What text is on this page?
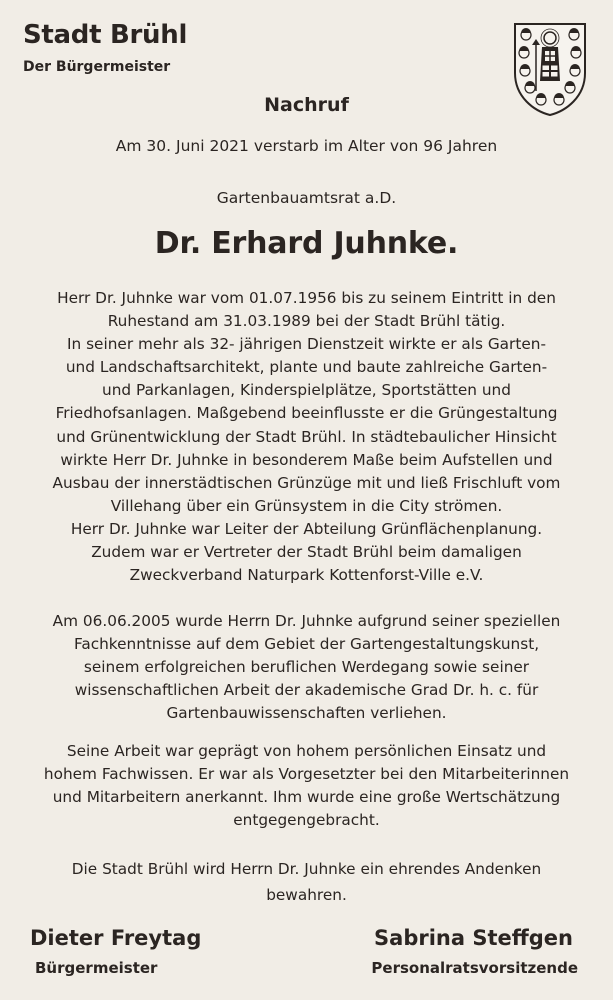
Stadt Brühl
Der Bürgermeister
Nachruf
Am 30. Juni 2021 verstarb im Alter von 96 Jahren
Gartenbauamtsrat a.D.
Dr. Erhard Juhnke.
Herr Dr. Juhnke war vom 01.07.1956 bis zu seinem Eintritt in den
Ruhestand am 31.03.1989 bei der Stadt Brühl tätig.
In seiner mehr als 32- jährigen Dienstzeit wirkte er als Garten-
und Landschaftsarchitekt, plante und baute zahlreiche Garten-
und Parkanlagen, Kinderspielplätze, Sportstätten und
Friedhofsanlagen. Maßgebend beeinflusste er die Grüngestaltung
und Grünentwicklung der Stadt Brühl. In städtebaulicher Hinsicht
wirkte Herr Dr. Juhnke in besonderem Maße beim Aufstellen und
Ausbau der innerstädtischen Grünzüge mit und ließ Frischluft vom
Villehang über ein Grünsystem in die City strömen.
Herr Dr. Juhnke war Leiter der Abteilung Grünflächenplanung.
Zudem war er Vertreter der Stadt Brühl beim damaligen
Zweckverband Naturpark Kottenforst-Ville e.V.
Am 06.06.2005 wurde Herrn Dr. Juhnke aufgrund seiner speziellen
Fachkenntnisse auf dem Gebiet der Gartengestaltungskunst,
seinem erfolgreichen beruflichen Werdegang sowie seiner
wissenschaftlichen Arbeit der akademische Grad Dr. h. c. für
Gartenbauwissenschaften verliehen.
Seine Arbeit war geprägt von hohem persönlichen Einsatz und
hohem Fachwissen. Er war als Vorgesetzter bei den Mitarbeiterinnen
und Mitarbeitern anerkannt. Ihm wurde eine große Wertschätzung
entgegengebracht.
Die Stadt Brühl wird Herrn Dr. Juhnke ein ehrendes Andenken
bewahren.
Dieter Freytag
Bürgermeister
Sabrina Steffgen
Personalratsvorsitzende
